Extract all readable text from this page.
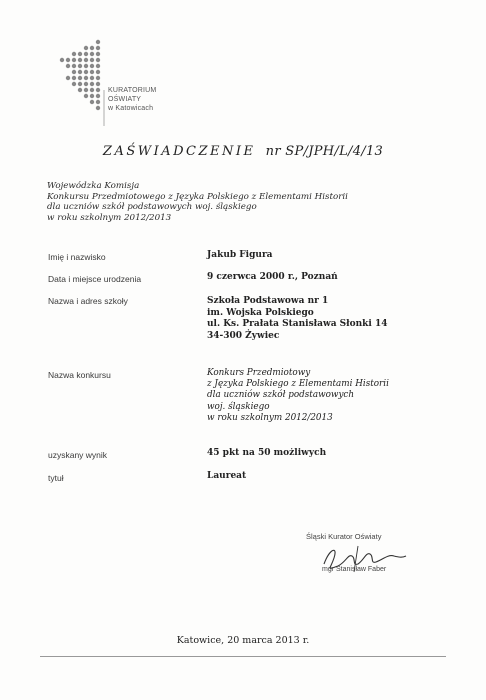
KURATORIUM
OŚWIATY
w Katowicach
ZAŚWIADCZENIE nr SP/JPH/L/4/13
Wojewódzka Komisja
Konkursu Przedmiotowego z Języka Polskiego z Elementami Historii
dla uczniów szkół podstawowych woj. śląskiego
w roku szkolnym 2012/2013
Imię i nazwisko	Jakub Figura
Data i miejsce urodzenia	9 czerwca 2000 r., Poznań
Nazwa i adres szkoły	Szkoła Podstawowa nr 1
im. Wojska Polskiego
ul. Ks. Prałata Stanisława Słonki 14
34-300 Żywiec
Nazwa konkursu	Konkurs Przedmiotowy
z Języka Polskiego z Elementami Historii
dla uczniów szkół podstawowych
woj. śląskiego
w roku szkolnym 2012/2013
uzyskany wynik	45 pkt na 50 możliwych
tytuł	Laureat
Śląski Kurator Oświaty
mgr Stanisław Faber
Katowice, 20 marca 2013 r.
